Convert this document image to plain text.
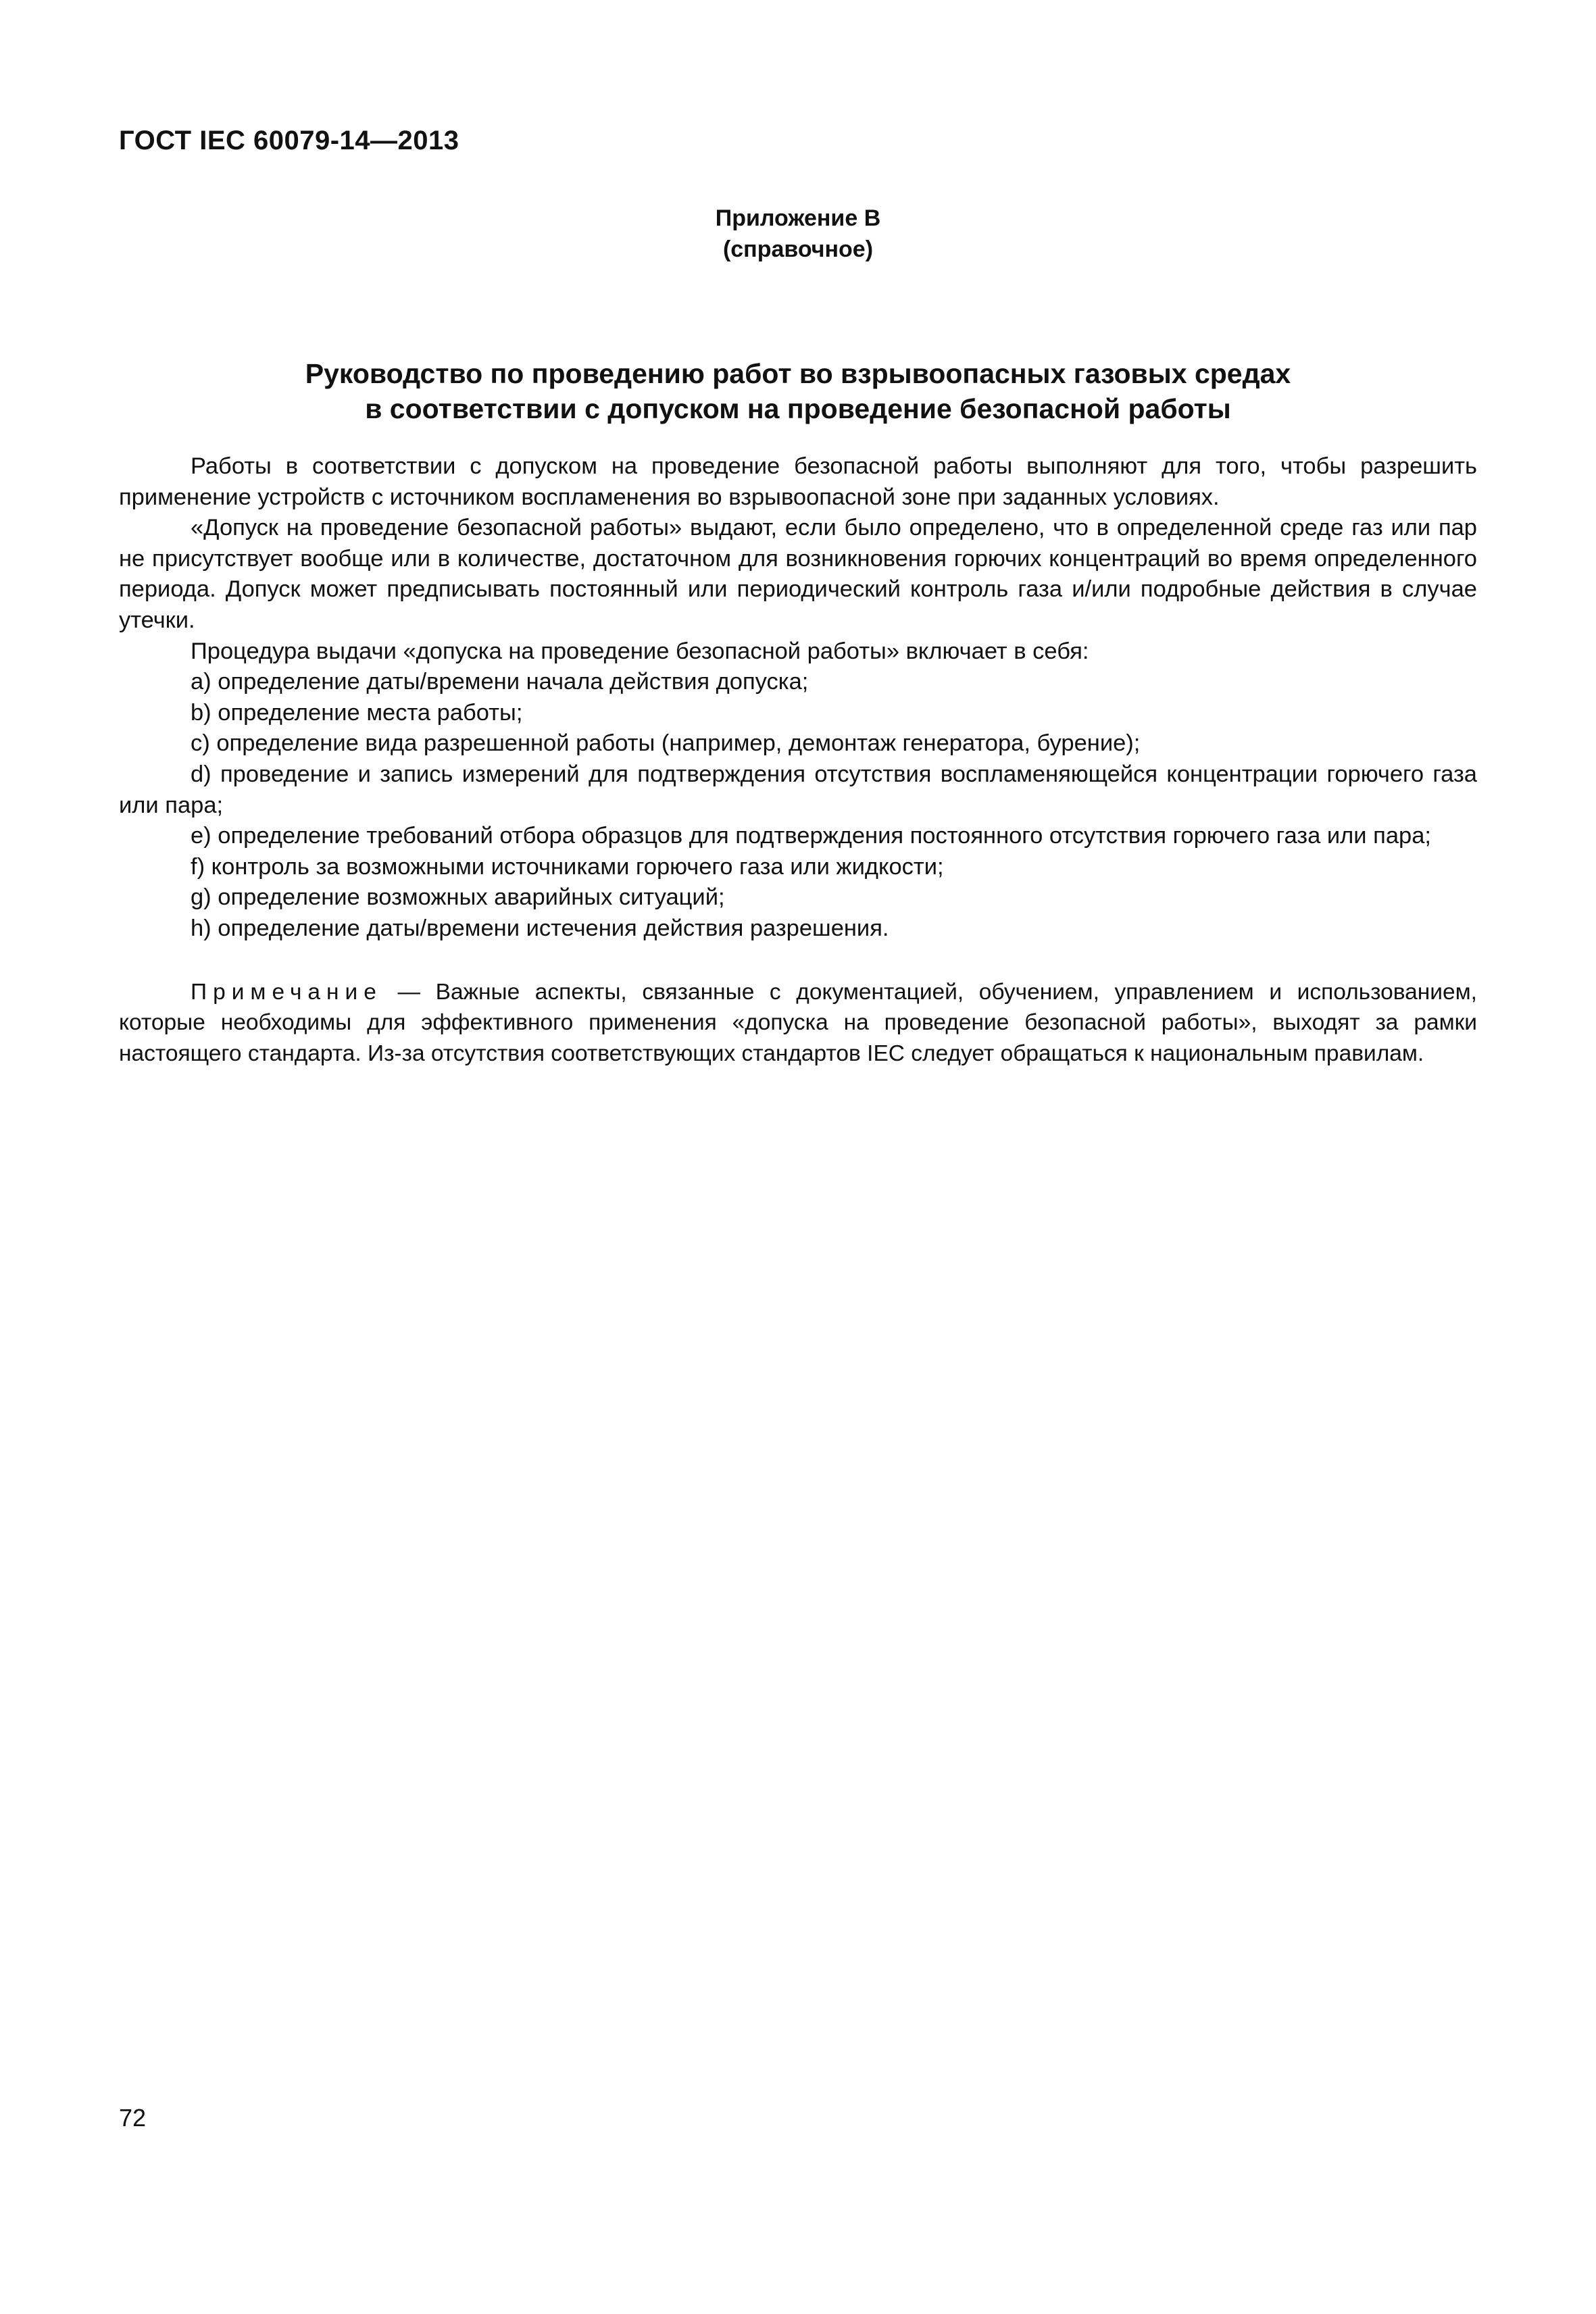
ГОСТ IEC 60079-14—2013
Приложение В
(справочное)
Руководство по проведению работ во взрывоопасных газовых средах
в соответствии с допуском на проведение безопасной работы

Работы в соответствии с допуском на проведение безопасной работы выполняют для того, чтобы разрешить применение устройств с источником воспламенения во взрывоопасной зоне при заданных условиях.

«Допуск на проведение безопасной работы» выдают, если было определено, что в определенной среде газ или пар не присутствует вообще или в количестве, достаточном для возникновения горючих концентраций во время определенного периода. Допуск может предписывать постоянный или периодический контроль газа и/или подробные действия в случае утечки.

Процедура выдачи «допуска на проведение безопасной работы» включает в себя:

a) определение даты/времени начала действия допуска;

b) определение места работы;

c) определение вида разрешенной работы (например, демонтаж генератора, бурение);

d) проведение и запись измерений для подтверждения отсутствия воспламеняющейся концентрации горючего газа или пара;

e) определение требований отбора образцов для подтверждения постоянного отсутствия горючего газа или пара;

f) контроль за возможными источниками горючего газа или жидкости;

g) определение возможных аварийных ситуаций;

h) определение даты/времени истечения действия разрешения.

Примечание — Важные аспекты, связанные с документацией, обучением, управлением и использованием, которые необходимы для эффективного применения «допуска на проведение безопасной работы», выходят за рамки настоящего стандарта. Из-за отсутствия соответствующих стандартов IEC следует обращаться к национальным правилам.

72
